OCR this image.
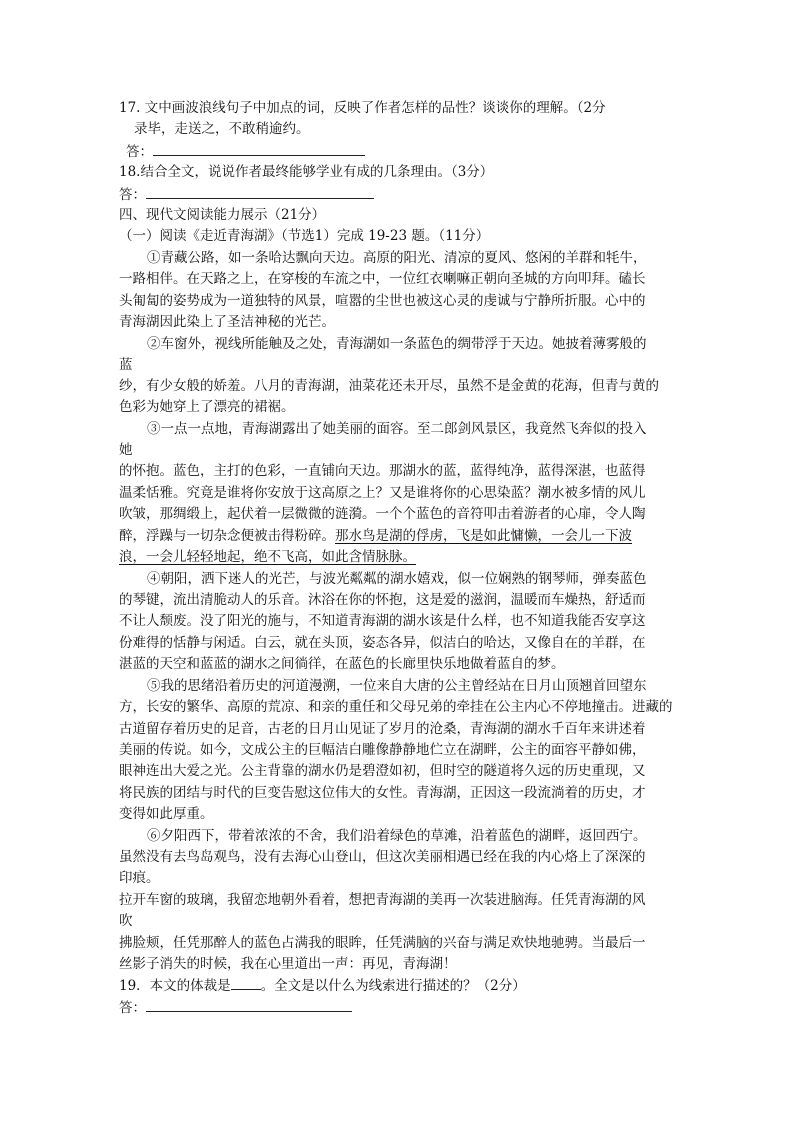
17. 文中画波浪线句子中加点的词，反映了作者怎样的品性？谈谈你的理解。（2分
录毕，走送之，不敢稍逾约。
答：
18.结合全文，说说作者最终能够学业有成的几条理由。（3分）
答：
四、现代文阅读能力展示（21分）
（一）阅读《走近青海湖》（节选1）完成 19-23 题。（11分）
①青藏公路，如一条哈达飘向天边。高原的阳光、清凉的夏风、悠闲的羊群和牦牛，
一路相伴。在天路之上，在穿梭的车流之中，一位红衣喇嘛正朝向圣城的方向叩拜。磕长
头匍匐的姿势成为一道独特的风景，喧嚣的尘世也被这心灵的虔诚与宁静所折服。心中的
青海湖因此染上了圣洁神秘的光芒。
②车窗外，视线所能触及之处，青海湖如一条蓝色的绸带浮于天边。她披着薄雾般的
蓝
纱，有少女般的娇羞。八月的青海湖，油菜花还未开尽，虽然不是金黄的花海，但青与黄的
色彩为她穿上了漂亮的裙裾。
③一点一点地，青海湖露出了她美丽的面容。至二郎剑风景区，我竟然飞奔似的投入
她
的怀抱。蓝色，主打的色彩，一直铺向天边。那湖水的蓝，蓝得纯净，蓝得深湛，也蓝得
温柔恬雅。究竟是谁将你安放于这高原之上？又是谁将你的心思染蓝？潮水被多情的风儿
吹皱，那绸缎上，起伏着一层微微的涟漪。一个个蓝色的音符叩击着游者的心扉，令人陶
醉，浮躁与一切杂念便被击得粉碎。那水鸟是湖的俘虏，飞是如此慵懒，一会儿一下波
浪，一会儿轻轻地起，绝不飞高，如此含情脉脉。
④朝阳，洒下迷人的光芒，与波光粼粼的湖水嬉戏，似一位娴熟的钢琴师，弹奏蓝色
的琴键，流出清脆动人的乐音。沐浴在你的怀抱，这是爱的滋润，温暖而车燥热，舒适而
不让人颓废。没了阳光的施与，不知道青海湖的湖水该是什么样，也不知道我能否安享这
份难得的恬静与闲适。白云，就在头顶，姿态各异，似洁白的哈达，又像自在的羊群，在
湛蓝的天空和蓝蓝的湖水之间徜徉，在蓝色的长廊里快乐地做着蓝自的梦。
⑤我的思绪沿着历史的河道漫溯，一位来自大唐的公主曾经站在日月山顶翘首回望东
方，长安的繁华、高原的荒凉、和亲的重任和父母兄弟的牵挂在公主内心不停地撞击。进藏的
古道留存着历史的足音，古老的日月山见证了岁月的沧桑，青海湖的湖水千百年来讲述着
美丽的传说。如今，文成公主的巨幅洁白雕像静静地伫立在湖畔，公主的面容平静如佛，
眼神连出大爱之光。公主背靠的湖水仍是碧澄如初，但时空的隧道将久远的历史重现，又
将民族的团结与时代的巨变告慰这位伟大的女性。青海湖，正因这一段流淌着的历史，才
变得如此厚重。
⑥夕阳西下，带着浓浓的不舍，我们沿着绿色的草滩，沿着蓝色的湖畔，返回西宁。
虽然没有去鸟岛观鸟，没有去海心山登山，但这次美丽相遇已经在我的内心烙上了深深的
印痕。
拉开车窗的玻璃，我留恋地朝外看着，想把青海湖的美再一次装进脑海。任凭青海湖的风
吹
拂脸颊，任凭那醉人的蓝色占满我的眼眸，任凭满脑的兴奋与满足欢快地驰骋。当最后一
丝影子消失的时候，我在心里道出一声：再见，青海湖！
19．本文的体裁是 。全文是以什么为线索进行描述的？（2分）
答：
